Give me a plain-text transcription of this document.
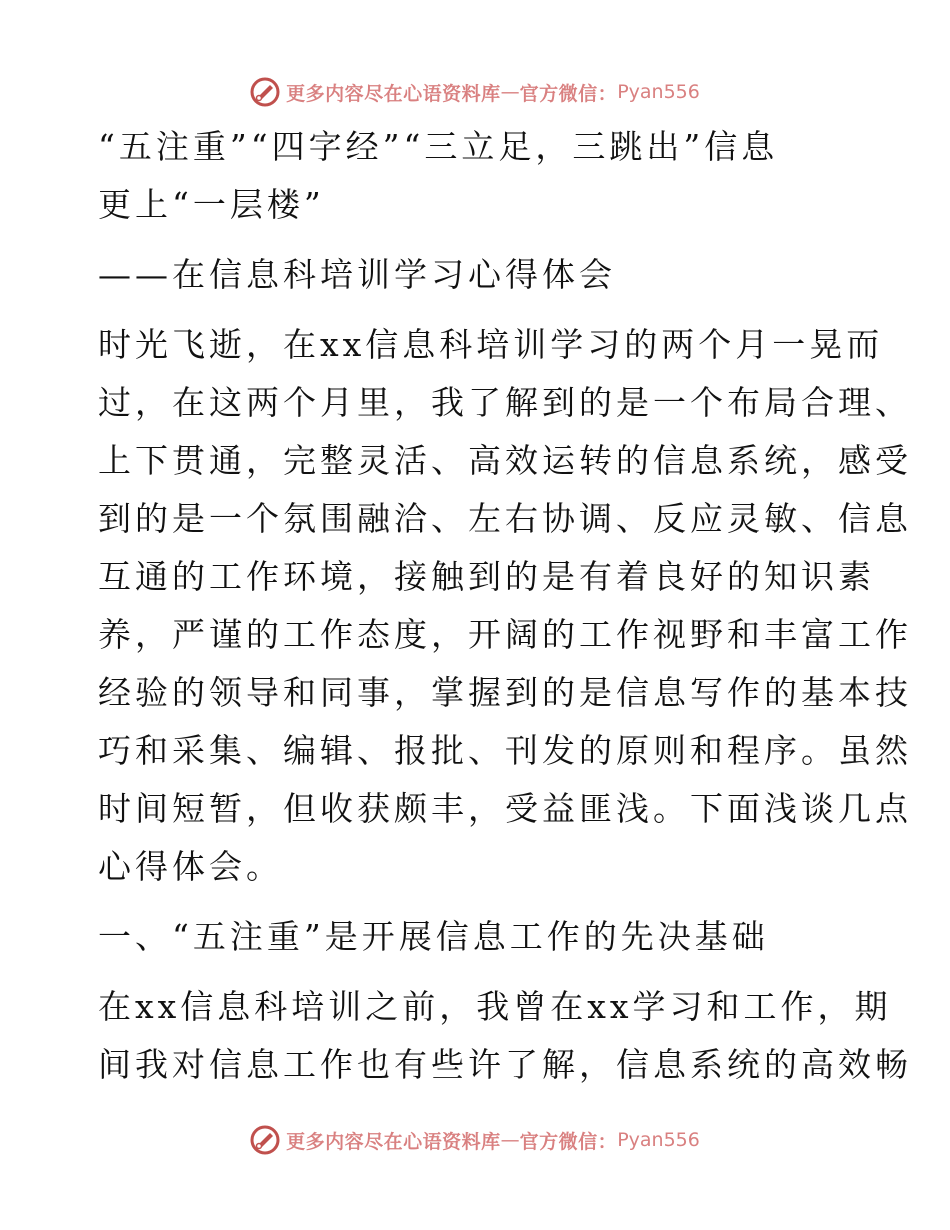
更多内容尽在心语资料库 — 官方微信： Pyan556

“五注重”“四字经”“三立足，三跳出”信息

更上“一层楼”

——在信息科培训学习心得体会

时光飞逝，在xx信息科培训学习的两个月一晃而

过，在这两个月里，我了解到的是一个布局合理、

上下贯通，完整灵活、高效运转的信息系统，感受

到的是一个氛围融洽、左右协调、反应灵敏、信息

互通的工作环境，接触到的是有着良好的知识素

养，严谨的工作态度，开阔的工作视野和丰富工作

经验的领导和同事，掌握到的是信息写作的基本技

巧和采集、编辑、报批、刊发的原则和程序。虽然

时间短暂，但收获颇丰，受益匪浅。下面浅谈几点

心得体会。

一、“五注重”是开展信息工作的先决基础

在xx信息科培训之前，我曾在xx学习和工作，期

间我对信息工作也有些许了解，信息系统的高效畅

更多内容尽在心语资料库 — 官方微信： Pyan556
